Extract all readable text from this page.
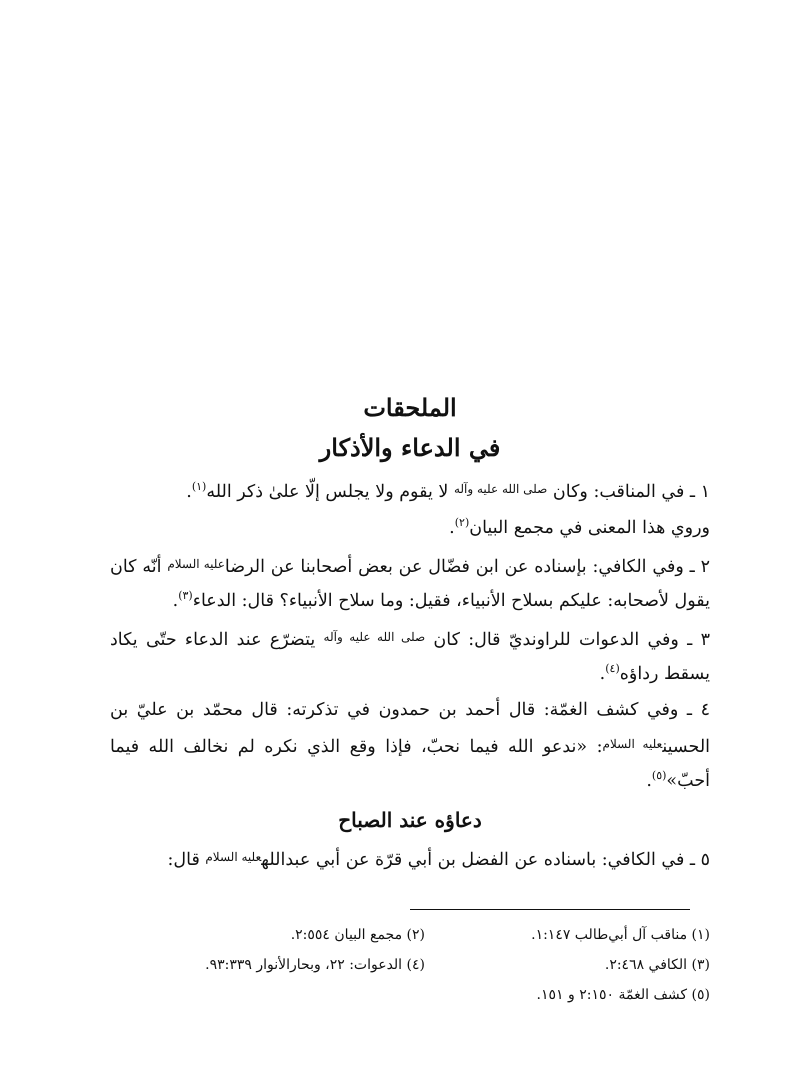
الملحقات
في الدعاء والأذكار

١ ـ في المناقب: وكان $^{صلى الله عليه وآله}$ لا يقوم ولا يجلس إلّا علىٰ ذكر الله$^{(١)}$.

وروي هذا المعنى في مجمع البيان$^{(٢)}$.

٢ ـ وفي الكافي: بإسناده عن ابن فضّال عن بعض أصحابنا عن الرضا$^{عليه السلام}$ أنّه كان يقول لأصحابه: عليكم بسلاح الأنبياء، فقيل: وما سلاح الأنبياء؟ قال: الدعاء$^{(٣)}$.

٣ ـ وفي الدعوات للراونديّ قال: كان $^{صلى الله عليه وآله}$ يتضرّع عند الدعاء حتّى يكاد يسقط رداؤه$^{(٤)}$.

٤ ـ وفي كشف الغمّة: قال أحمد بن حمدون في تذكرته: قال محمّد بن عليّ بن الحسين$^{عليه السلام}$: «ندعو الله فيما نحبّ، فإذا وقع الذي نكره لم نخالف الله فيما أحبّ»$^{(٥)}$.

دعاؤه عند الصباح

٥ ـ في الكافي: باسناده عن الفضل بن أبي قرّة عن أبي عبدالله$^{عليه السلام}$ قال:

(١) مناقب آل أبي‌طالب ١:١٤٧.
(٢) مجمع البيان ٢:٥٥٤.
(٣) الكافي ٢:٤٦٨.
(٤) الدعوات: ٢٢، وبحارالأنوار ٩٣:٣٣٩.
(٥) كشف الغمّة ٢:١٥٠ و ١٥١.
